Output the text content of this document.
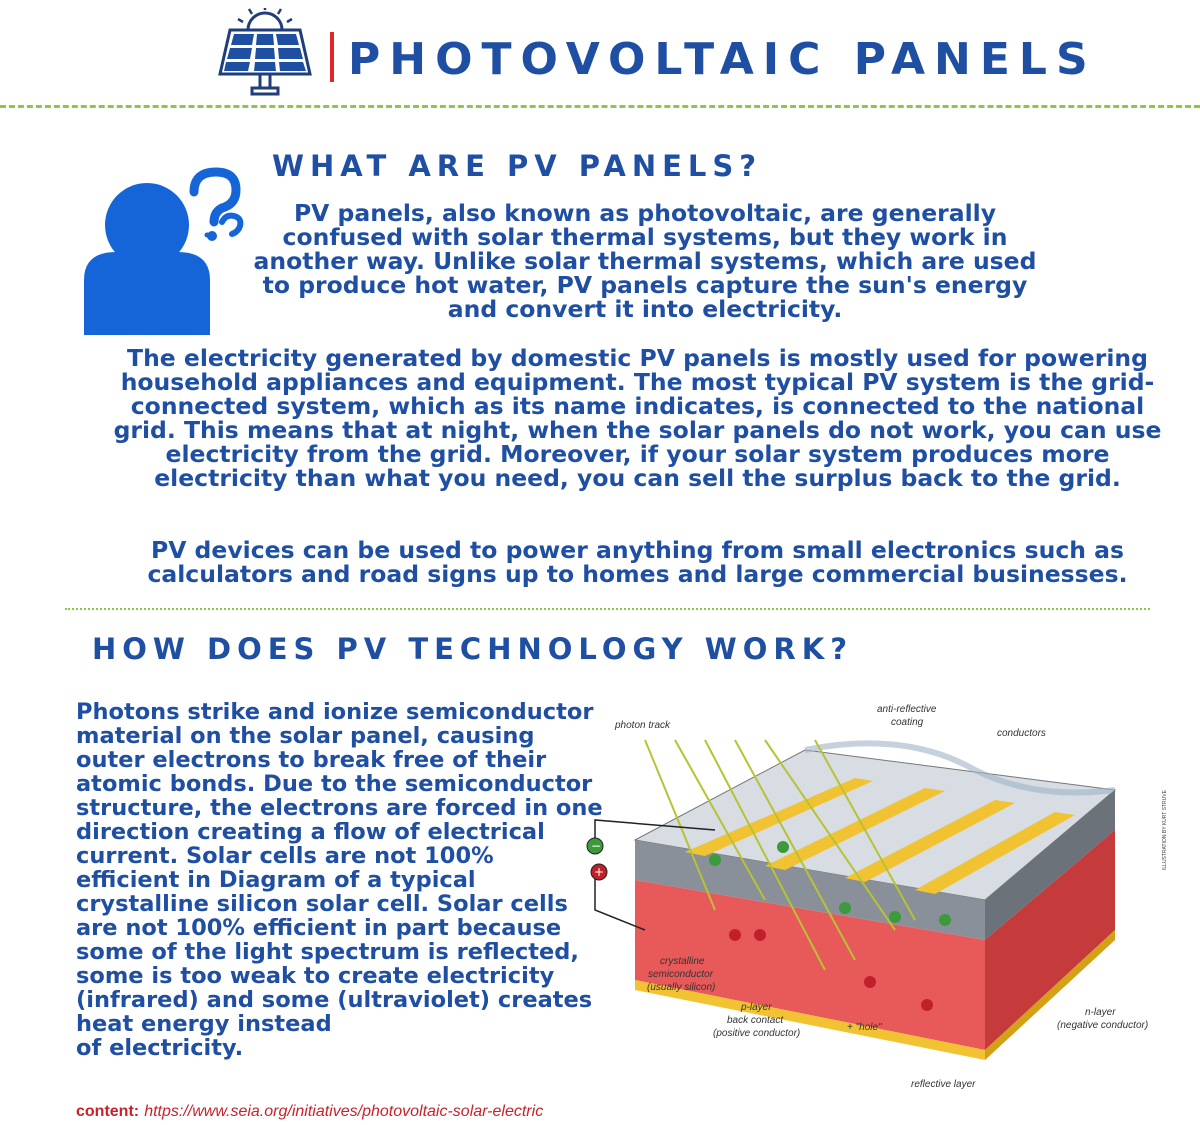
PHOTOVOLTAIC PANELS
WHAT ARE PV PANELS?
PV panels, also known as photovoltaic, are generally confused with solar thermal systems, but they work in another way. Unlike solar thermal systems, which are used to produce hot water, PV panels capture the sun's energy and convert it into electricity.
The electricity generated by domestic PV panels is mostly used for powering household appliances and equipment. The most typical PV system is the grid-connected system, which as its name indicates, is connected to the national grid. This means that at night, when the solar panels do not work, you can use electricity from the grid. Moreover, if your solar system produces more electricity than what you need, you can sell the surplus back to the grid.
PV devices can be used to power anything from small electronics such as calculators and road signs up to homes and large commercial businesses.
HOW DOES PV TECHNOLOGY WORK?
Photons strike and ionize semiconductor
material on the solar panel, causing
outer electrons to break free of their
atomic bonds. Due to the semiconductor
structure, the electrons are forced in one
direction creating a flow of electrical
current. Solar cells are not 100%
efficient in Diagram of a typical
crystalline silicon solar cell. Solar cells
are not 100% efficient in part because
some of the light spectrum is reflected,
some is too weak to create electricity
(infrared) and some (ultraviolet) creates
heat energy instead
of electricity.
−
+
photon track
anti-reflective
coating
conductors
crystalline
semiconductor
(usually silicon)
p-layer
back contact
(positive conductor)
+ "hole"
n-layer
(negative conductor)
reflective layer
ILLUSTRATION BY KURT STRUVE
content: https://www.seia.org/initiatives/photovoltaic-solar-electric
